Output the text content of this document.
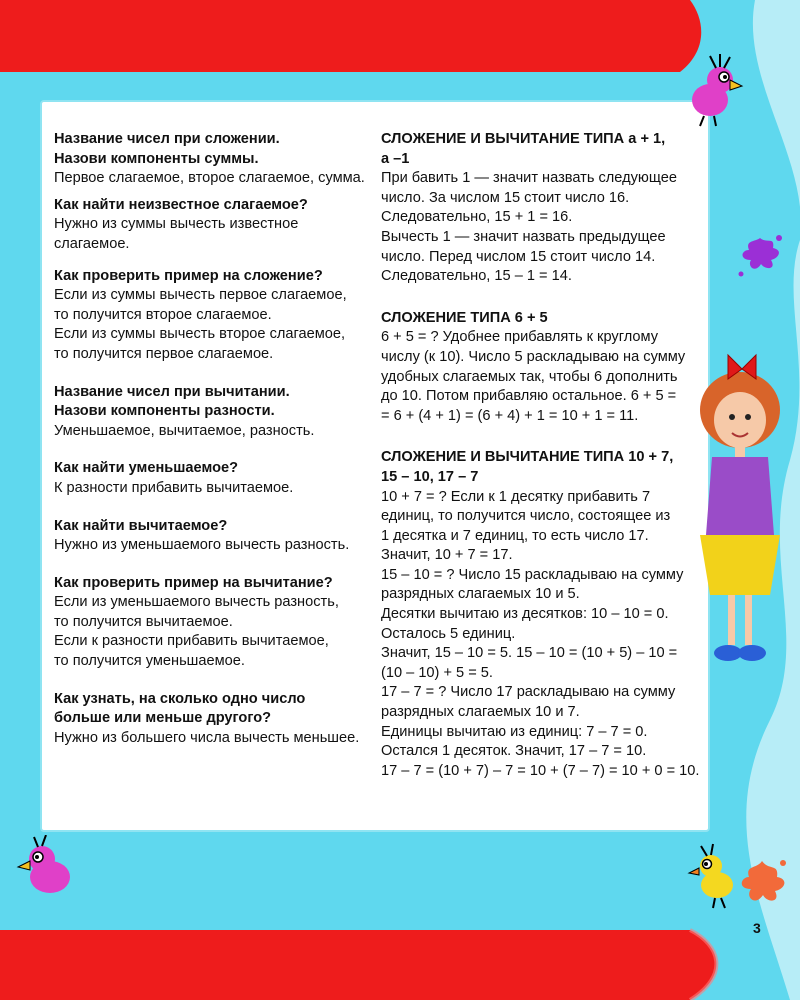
Название чисел при сложении.
Назови компоненты суммы.
Первое слагаемое, второе слагаемое, сумма.
Как найти неизвестное слагаемое?
Нужно из суммы вычесть известное
слагаемое.
Как проверить пример на сложение?
Если из суммы вычесть первое слагаемое,
то получится второе слагаемое.
Если из суммы вычесть второе слагаемое,
то получится первое слагаемое.
Название чисел при вычитании.
Назови компоненты разности.
Уменьшаемое, вычитаемое, разность.
Как найти уменьшаемое?
К разности прибавить вычитаемое.
Как найти вычитаемое?
Нужно из уменьшаемого вычесть разность.
Как проверить пример на вычитание?
Если из уменьшаемого вычесть разность,
то получится вычитаемое.
Если к разности прибавить вычитаемое,
то получится уменьшаемое.
Как узнать, на сколько одно число
больше или меньше другого?
Нужно из большего числа вычесть меньшее.
СЛОЖЕНИЕ И ВЫЧИТАНИЕ ТИПА а + 1,
а –1
При бавить 1 — значит назвать следующее
число. За числом 15 стоит число 16.
Следовательно, 15 + 1 = 16.
Вычесть 1 — значит назвать предыдущее
число. Перед числом 15 стоит число 14.
Следовательно, 15 – 1 = 14.
СЛОЖЕНИЕ ТИПА 6 + 5
6 + 5 = ? Удобнее прибавлять к круглому
числу (к 10). Число 5 раскладываю на сумму
удобных слагаемых так, чтобы 6 дополнить
до 10. Потом прибавляю остальное. 6 + 5 =
= 6 + (4 + 1) = (6 + 4) + 1 = 10 + 1 = 11.
СЛОЖЕНИЕ И ВЫЧИТАНИЕ ТИПА 10 + 7,
15 – 10, 17 – 7
10 + 7 = ? Если к 1 десятку прибавить 7
единиц, то получится число, состоящее из
1 десятка и 7 единиц, то есть число 17.
Значит, 10 + 7 = 17.
15 – 10 = ? Число 15 раскладываю на сумму
разрядных слагаемых 10 и 5.
Десятки вычитаю из десятков: 10 – 10 = 0.
Осталось 5 единиц.
Значит, 15 – 10 = 5. 15 – 10 = (10 + 5) – 10 =
(10 – 10) + 5 = 5.
17 – 7 = ? Число 17 раскладываю на сумму
разрядных слагаемых 10 и 7.
Единицы вычитаю из единиц: 7 – 7 = 0.
Остался 1 десяток. Значит, 17 – 7 = 10.
17 – 7 = (10 + 7) – 7 = 10 + (7 – 7) = 10 + 0 = 10.
3
